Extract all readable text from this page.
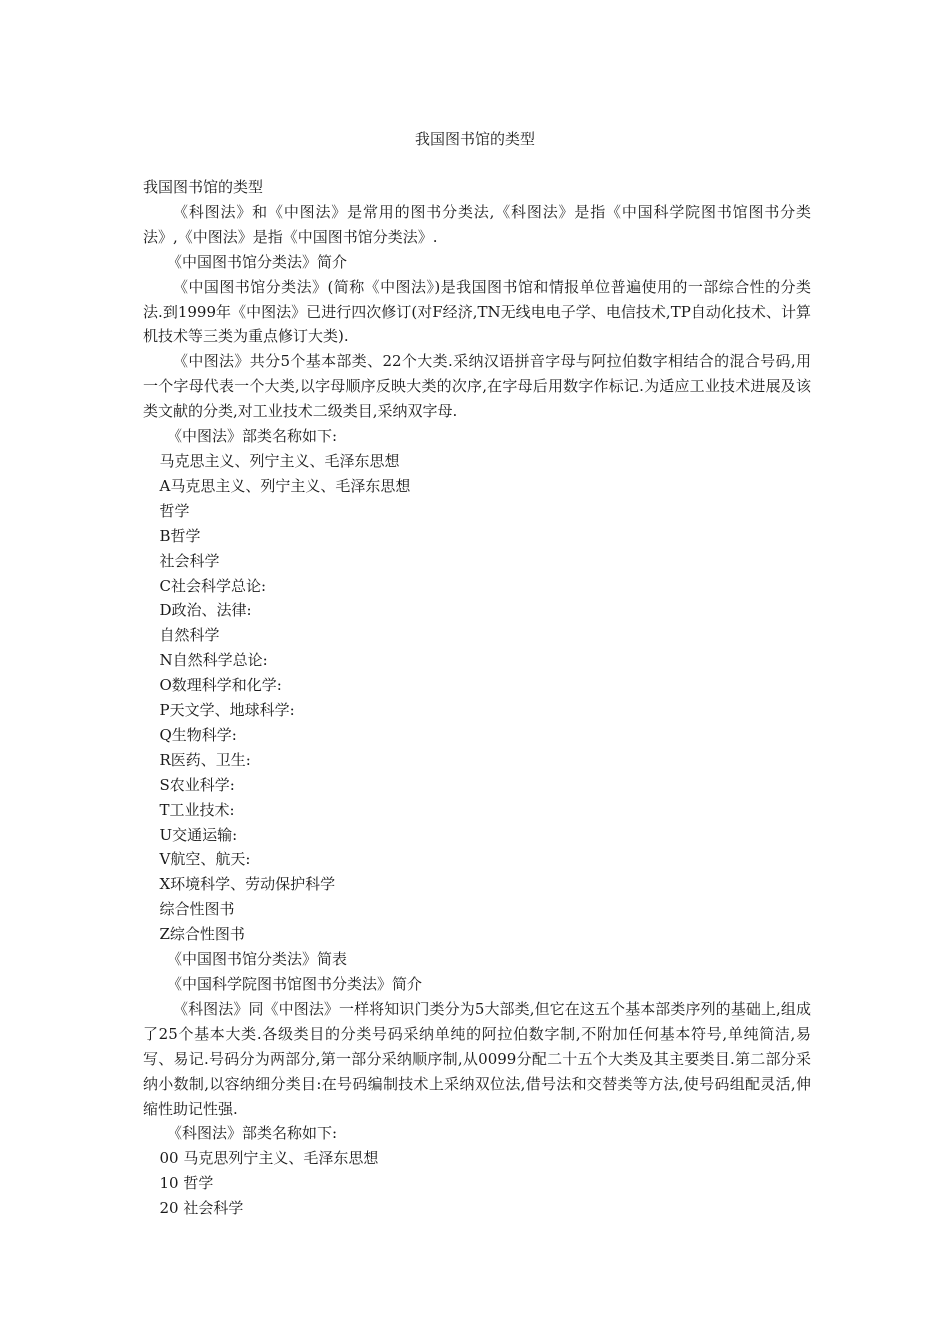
我国图书馆的类型

我国图书馆的类型

《科图法》和《中图法》是常用的图书分类法,《科图法》是指《中国科学院图书馆图书分类法》,《中图法》是指《中国图书馆分类法》.

《中国图书馆分类法》简介

《中国图书馆分类法》(简称《中图法》)是我国图书馆和情报单位普遍使用的一部综合性的分类法.到1999年《中图法》已进行四次修订(对F经济,TN无线电电子学、电信技术,TP自动化技术、计算机技术等三类为重点修订大类).

《中图法》共分5个基本部类、22个大类.采纳汉语拼音字母与阿拉伯数字相结合的混合号码,用一个字母代表一个大类,以字母顺序反映大类的次序,在字母后用数字作标记.为适应工业技术进展及该类文献的分类,对工业技术二级类目,采纳双字母.

《中图法》部类名称如下:

马克思主义、列宁主义、毛泽东思想

A马克思主义、列宁主义、毛泽东思想

哲学

B哲学

社会科学

C社会科学总论:

D政治、法律:

自然科学

N自然科学总论:

O数理科学和化学:

P天文学、地球科学:

Q生物科学:

R医药、卫生:

S农业科学:

T工业技术:

U交通运输:

V航空、航天:

X环境科学、劳动保护科学

综合性图书

Z综合性图书

《中国图书馆分类法》简表

《中国科学院图书馆图书分类法》简介

《科图法》同《中图法》一样将知识门类分为5大部类,但它在这五个基本部类序列的基础上,组成了25个基本大类.各级类目的分类号码采纳单纯的阿拉伯数字制,不附加任何基本符号,单纯简洁,易写、易记.号码分为两部分,第一部分采纳顺序制,从0099分配二十五个大类及其主要类目.第二部分采纳小数制,以容纳细分类目:在号码编制技术上采纳双位法,借号法和交替类等方法,使号码组配灵活,伸缩性助记性强.

《科图法》部类名称如下:

00 马克思列宁主义、毛泽东思想

10 哲学

20 社会科学
